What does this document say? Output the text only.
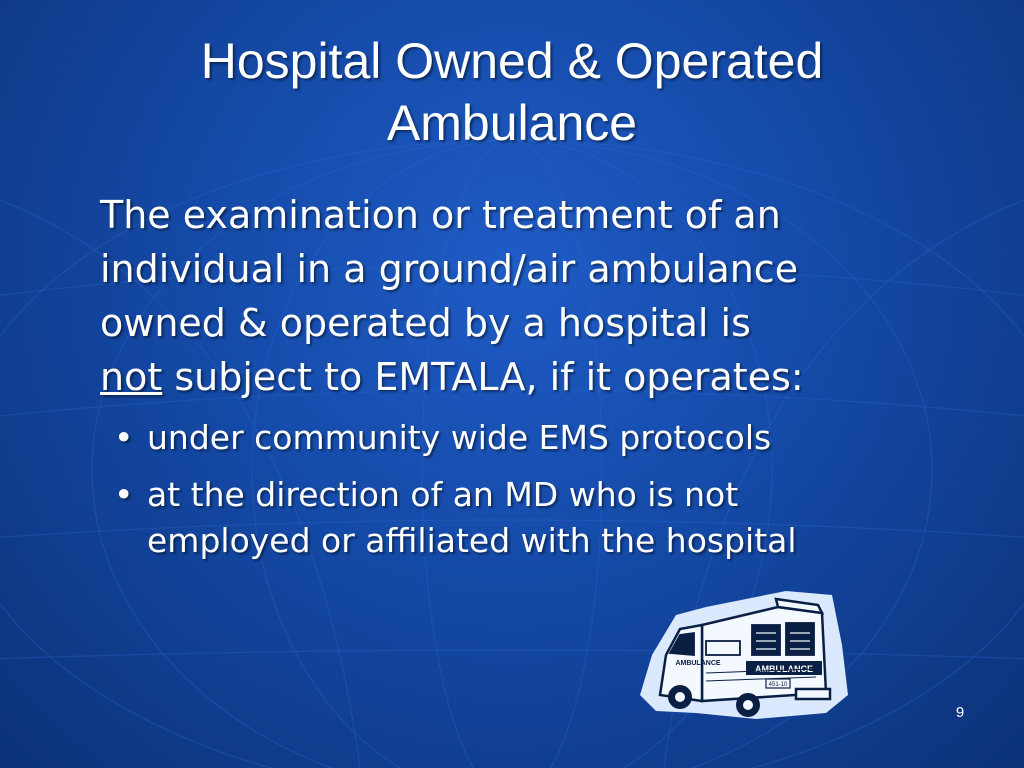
Hospital Owned & Operated
Ambulance
The examination or treatment of an
individual in a ground/air ambulance
owned & operated by a hospital is
not subject to EMTALA, if it operates:
• under community wide EMS protocols
• at the direction of an MD who is not
employed or affiliated with the hospital
AMBULANCE
AMBULANCE
451-10
9
